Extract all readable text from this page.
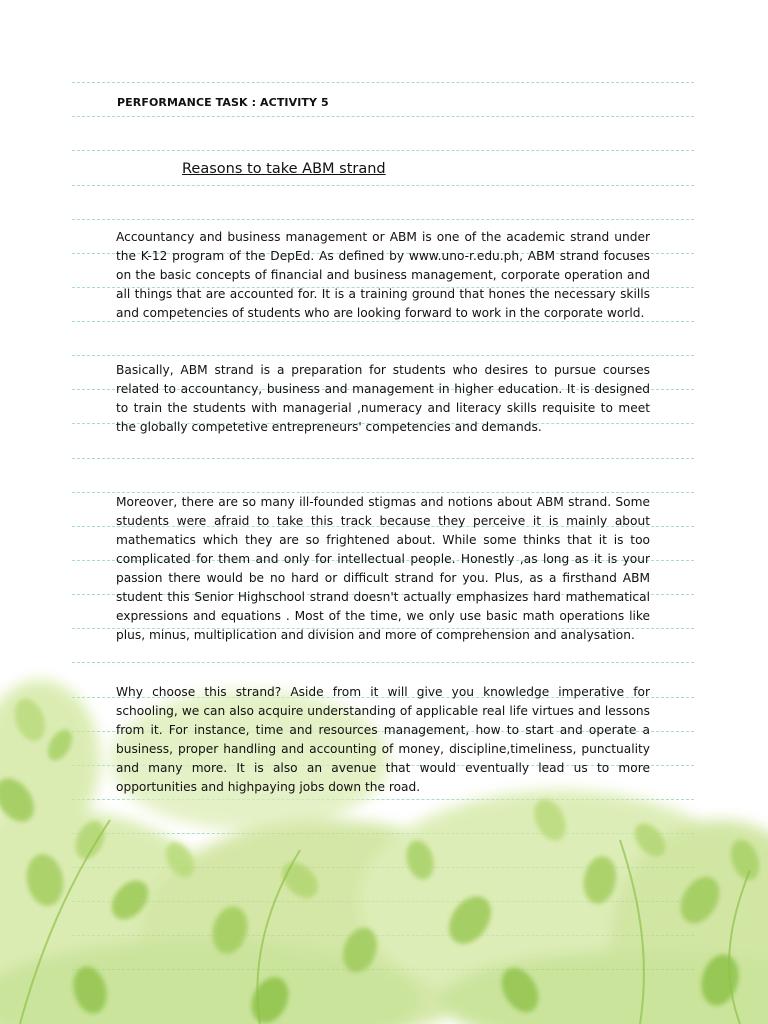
PERFORMANCE TASK : ACTIVITY 5
Reasons to take ABM strand

Accountancy and business management or ABM is one of the academic strand under the K-12 program of the DepEd. As defined by www.uno-r.edu.ph, ABM strand focuses on the basic concepts of financial and business management, corporate operation and all things that are accounted for. It is a training ground that hones the necessary skills and competencies of students who are looking forward to work in the corporate world.

Basically, ABM strand is a preparation for students who desires to pursue courses related to accountancy, business and management in higher education. It is designed to train the students with managerial ,numeracy and literacy skills requisite to meet the globally competetive entrepreneurs' competencies and demands.

Moreover, there are so many ill-founded stigmas and notions about ABM strand. Some students were afraid to take this track because they perceive it is mainly about mathematics which they are so frightened about. While some thinks that it is too complicated for them and only for intellectual people. Honestly ,as long as it is your passion there would be no hard or difficult strand for you. Plus, as a firsthand ABM student this Senior Highschool strand doesn't actually emphasizes hard mathematical expressions and equations . Most of the time, we only use basic math operations like plus, minus, multiplication and division and more of comprehension and analysation.

Why choose this strand? Aside from it will give you knowledge imperative for schooling, we can also acquire understanding of applicable real life virtues and lessons from it. For instance, time and resources management, how to start and operate a business, proper handling and accounting of money, discipline,timeliness, punctuality and many more. It is also an avenue that would eventually lead us to more opportunities and highpaying jobs down the road.
